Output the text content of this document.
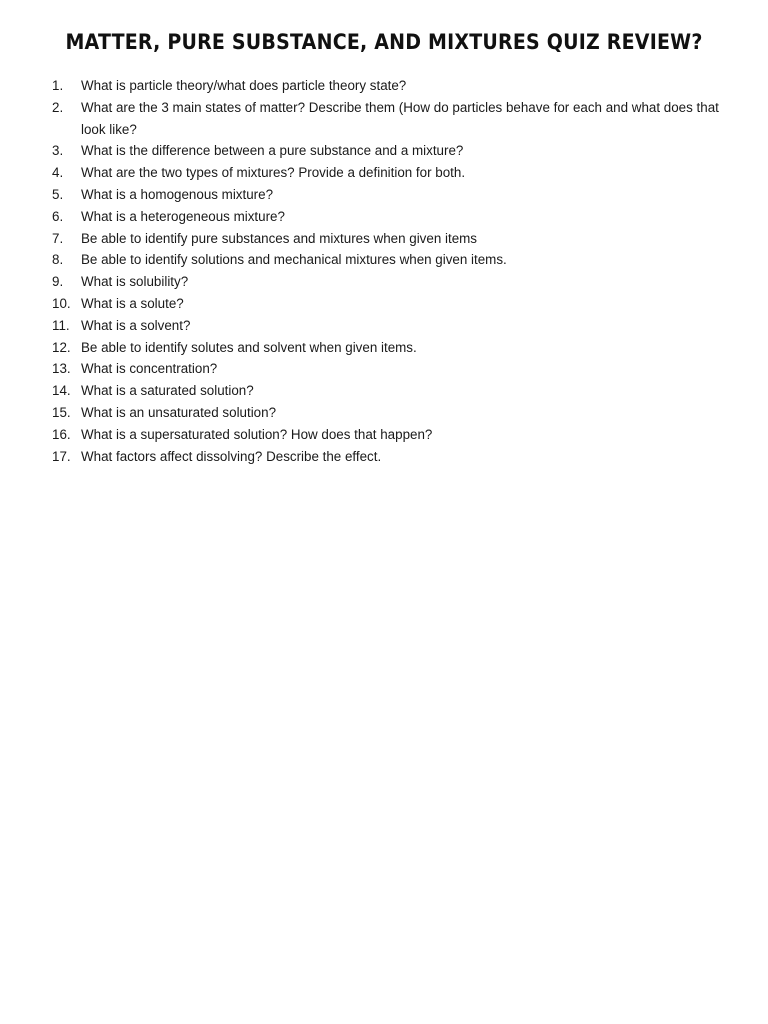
MATTER, PURE SUBSTANCE, AND MIXTURES QUIZ REVIEW?
1.	What is particle theory/what does particle theory state?
2.	What are the 3 main states of matter? Describe them (How do particles behave for each and what does that look like?
3.	What is the difference between a pure substance and a mixture?
4.	What are the two types of mixtures? Provide a definition for both.
5.	What is a homogenous mixture?
6.	What is a heterogeneous mixture?
7.	Be able to identify pure substances and mixtures when given items
8.	Be able to identify solutions and mechanical mixtures when given items.
9.	What is solubility?
10. What is a solute?
11. What is a solvent?
12. Be able to identify solutes and solvent when given items.
13. What is concentration?
14. What is a saturated solution?
15. What is an unsaturated solution?
16. What is a supersaturated solution? How does that happen?
17. What factors affect dissolving? Describe the effect.
